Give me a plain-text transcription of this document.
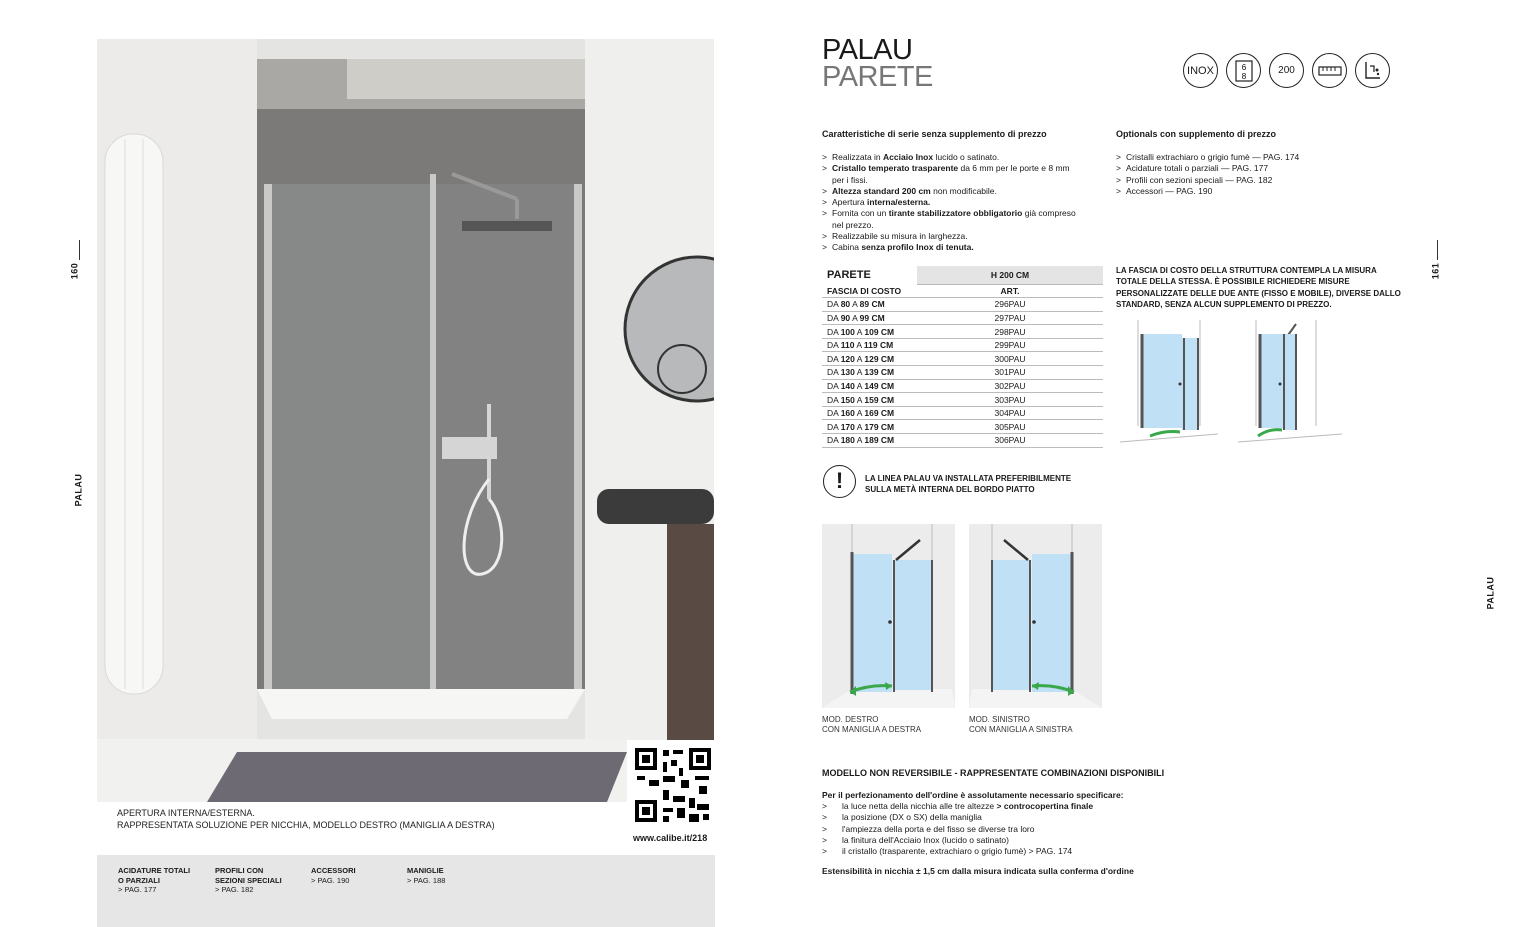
160
PALAU
APERTURA INTERNA/ESTERNA.
RAPPRESENTATA SOLUZIONE PER NICCHIA, MODELLO DESTRO (MANIGLIA A DESTRA)
www.calibe.it/218
ACIDATURE TOTALI
O PARZIALI
> PAG. 177
PROFILI CON
SEZIONI SPECIALI
> PAG. 182
ACCESSORI
> PAG. 190
MANIGLIE
> PAG. 188
PALAU
PARETE	INOX	6
8	200
161
PALAU
Caratteristiche di serie senza supplemento di prezzo
> Realizzata in Acciaio Inox lucido o satinato.
> Cristallo temperato trasparente da 6 mm per le porte e 8 mm
per i fissi.
> Altezza standard 200 cm non modificabile.
> Apertura interna/esterna.
> Fornita con un tirante stabilizzatore obbligatorio già compreso
nel prezzo.
> Realizzabile su misura in larghezza.
> Cabina senza profilo Inox di tenuta.
Optionals con supplemento di prezzo
> Cristalli extrachiaro o grigio fumè — PAG. 174
> Acidature totali o parziali — PAG. 177
> Profili con sezioni speciali — PAG. 182
> Accessori — PAG. 190
PARETE	H 200 CM
FASCIA DI COSTO	ART.
DA 80 A 89 CM	296PAU
DA 90 A 99 CM	297PAU
DA 100 A 109 CM	298PAU
DA 110 A 119 CM	299PAU
DA 120 A 129 CM	300PAU
DA 130 A 139 CM	301PAU
DA 140 A 149 CM	302PAU
DA 150 A 159 CM	303PAU
DA 160 A 169 CM	304PAU
DA 170 A 179 CM	305PAU
DA 180 A 189 CM	306PAU
!	LA LINEA PALAU VA INSTALLATA PREFERIBILMENTE
SULLA METÀ INTERNA DEL BORDO PIATTO
LA FASCIA DI COSTO DELLA STRUTTURA CONTEMPLA LA MISURA TOTALE DELLA STESSA. È POSSIBILE RICHIEDERE MISURE PERSONALIZZATE DELLE DUE ANTE (FISSO E MOBILE), DIVERSE DALLO STANDARD, SENZA ALCUN SUPPLEMENTO DI PREZZO.
MOD. DESTRO
CON MANIGLIA A DESTRA
MOD. SINISTRO
CON MANIGLIA A SINISTRA
MODELLO NON REVERSIBILE - RAPPRESENTATE COMBINAZIONI DISPONIBILI
Per il perfezionamento dell'ordine è assolutamente necessario specificare:
> la luce netta della nicchia alle tre altezze > controcopertina finale
> la posizione (DX o SX) della maniglia
> l'ampiezza della porta e del fisso se diverse tra loro
> la finitura dell'Acciaio Inox (lucido o satinato)
> il cristallo (trasparente, extrachiaro o grigio fumè) > PAG. 174
Estensibilità in nicchia ± 1,5 cm dalla misura indicata sulla conferma d'ordine
